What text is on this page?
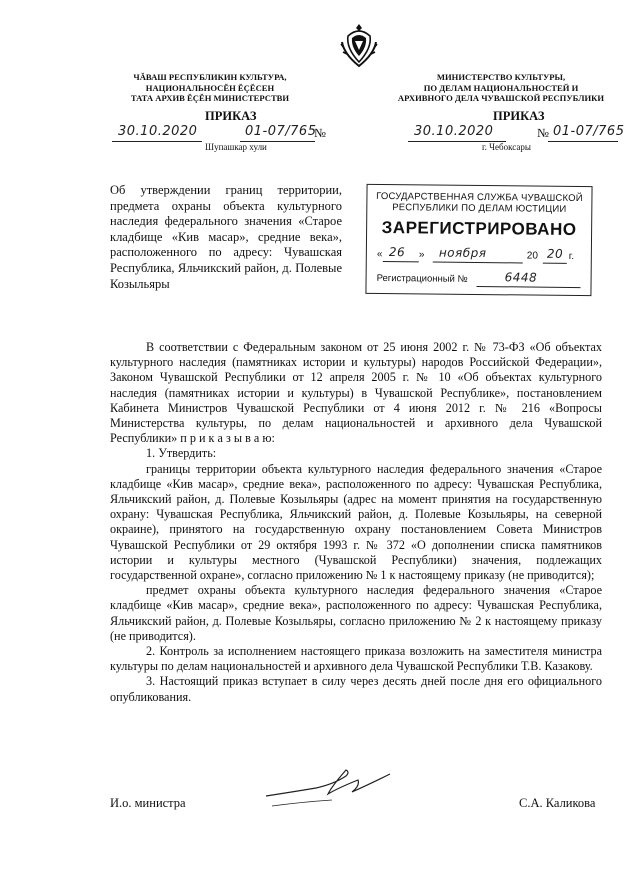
ЧĂВАШ РЕСПУБЛИКИН КУЛЬТУРА,
НАЦИОНАЛЬНОСĔН ĔÇĔСЕН
ТАТА АРХИВ ĔÇĔН МИНИСТЕРСТВИ
МИНИСТЕРСТВО КУЛЬТУРЫ,
ПО ДЕЛАМ НАЦИОНАЛЬНОСТЕЙ И
АРХИВНОГО ДЕЛА ЧУВАШСКОЙ РЕСПУБЛИКИ
ПРИКАЗ	ПРИКАЗ
30.10.2020	01-07/765
№
Шупашкар хули
30.10.2020	№ 01-07/765
г. Чебоксары
Об утверждении границ территории, предмета охраны объекта культурного наследия федерального значения «Старое кладбище «Кив масар», средние века», расположенного по адресу: Чувашская Республика, Яльчикский район, д. Полевые Козыльяры
ГОСУДАРСТВЕННАЯ СЛУЖБА ЧУВАШСКОЙ
РЕСПУБЛИКИ ПО ДЕЛАМ ЮСТИЦИИ
ЗАРЕГИСТРИРОВАНО
« 26 » ноября	20 20 г.
Регистрационный №	6448
В соответствии с Федеральным законом от 25 июня 2002 г. № 73-ФЗ «Об объектах культурного наследия (памятниках истории и культуры) народов Российской Федерации», Законом Чувашской Республики от 12 апреля 2005 г. № 10 «Об объектах культурного наследия (памятниках истории и культуры) в Чувашской Республике», постановлением Кабинета Министров Чувашской Республики от 4 июня 2012 г. № 216 «Вопросы Министерства культуры, по делам национальностей и архивного дела Чувашской Республики» п р и к а з ы в а ю:
1. Утвердить:
границы территории объекта культурного наследия федерального значения «Старое кладбище «Кив масар», средние века», расположенного по адресу: Чувашская Республика, Яльчикский район, д. Полевые Козыльяры (адрес на момент принятия на государственную охрану: Чувашская Республика, Яльчикский район, д. Полевые Козыльяры, на северной окраине), принятого на государственную охрану постановлением Совета Министров Чувашской Республики от 29 октября 1993 г. № 372 «О дополнении списка памятников истории и культуры местного (Чувашской Республики) значения, подлежащих государственной охране», согласно приложению № 1 к настоящему приказу (не приводится);
предмет охраны объекта культурного наследия федерального значения «Старое кладбище «Кив масар», средние века», расположенного по адресу: Чувашская Республика, Яльчикский район, д. Полевые Козыльяры, согласно приложению № 2 к настоящему приказу (не приводится).
2. Контроль за исполнением настоящего приказа возложить на заместителя министра культуры по делам национальностей и архивного дела Чувашской Республики Т.В. Казакову.
3. Настоящий приказ вступает в силу через десять дней после дня его официального опубликования.
И.о. министра	С.А. Каликова
